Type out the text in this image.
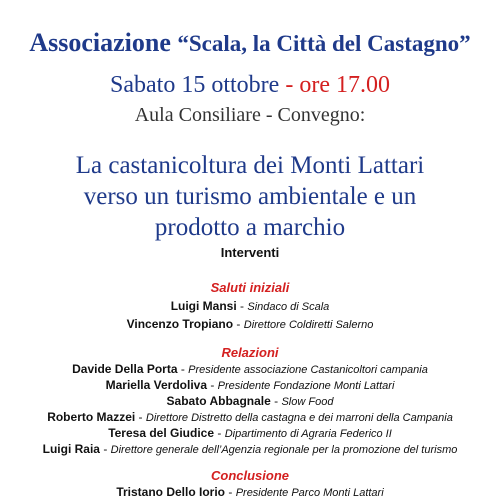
Associazione “Scala, la Città del Castagno”
Sabato 15 ottobre - ore 17.00
Aula Consiliare - Convegno:
La castanicoltura dei Monti Lattari
verso un turismo ambientale e un
prodotto a marchio
Interventi
Saluti iniziali
Luigi Mansi - Sindaco di Scala
Vincenzo Tropiano - Direttore Coldiretti Salerno
Relazioni
Davide Della Porta - Presidente associazione Castanicoltori campania
Mariella Verdoliva - Presidente Fondazione Monti Lattari
Sabato Abbagnale - Slow Food
Roberto Mazzei - Direttore Distretto della castagna e dei marroni della Campania
Teresa del Giudice - Dipartimento di Agraria Federico II
Luigi Raia - Direttore generale dell’Agenzia regionale per la promozione del turismo
Conclusione
Tristano Dello Iorio - Presidente Parco Monti Lattari
